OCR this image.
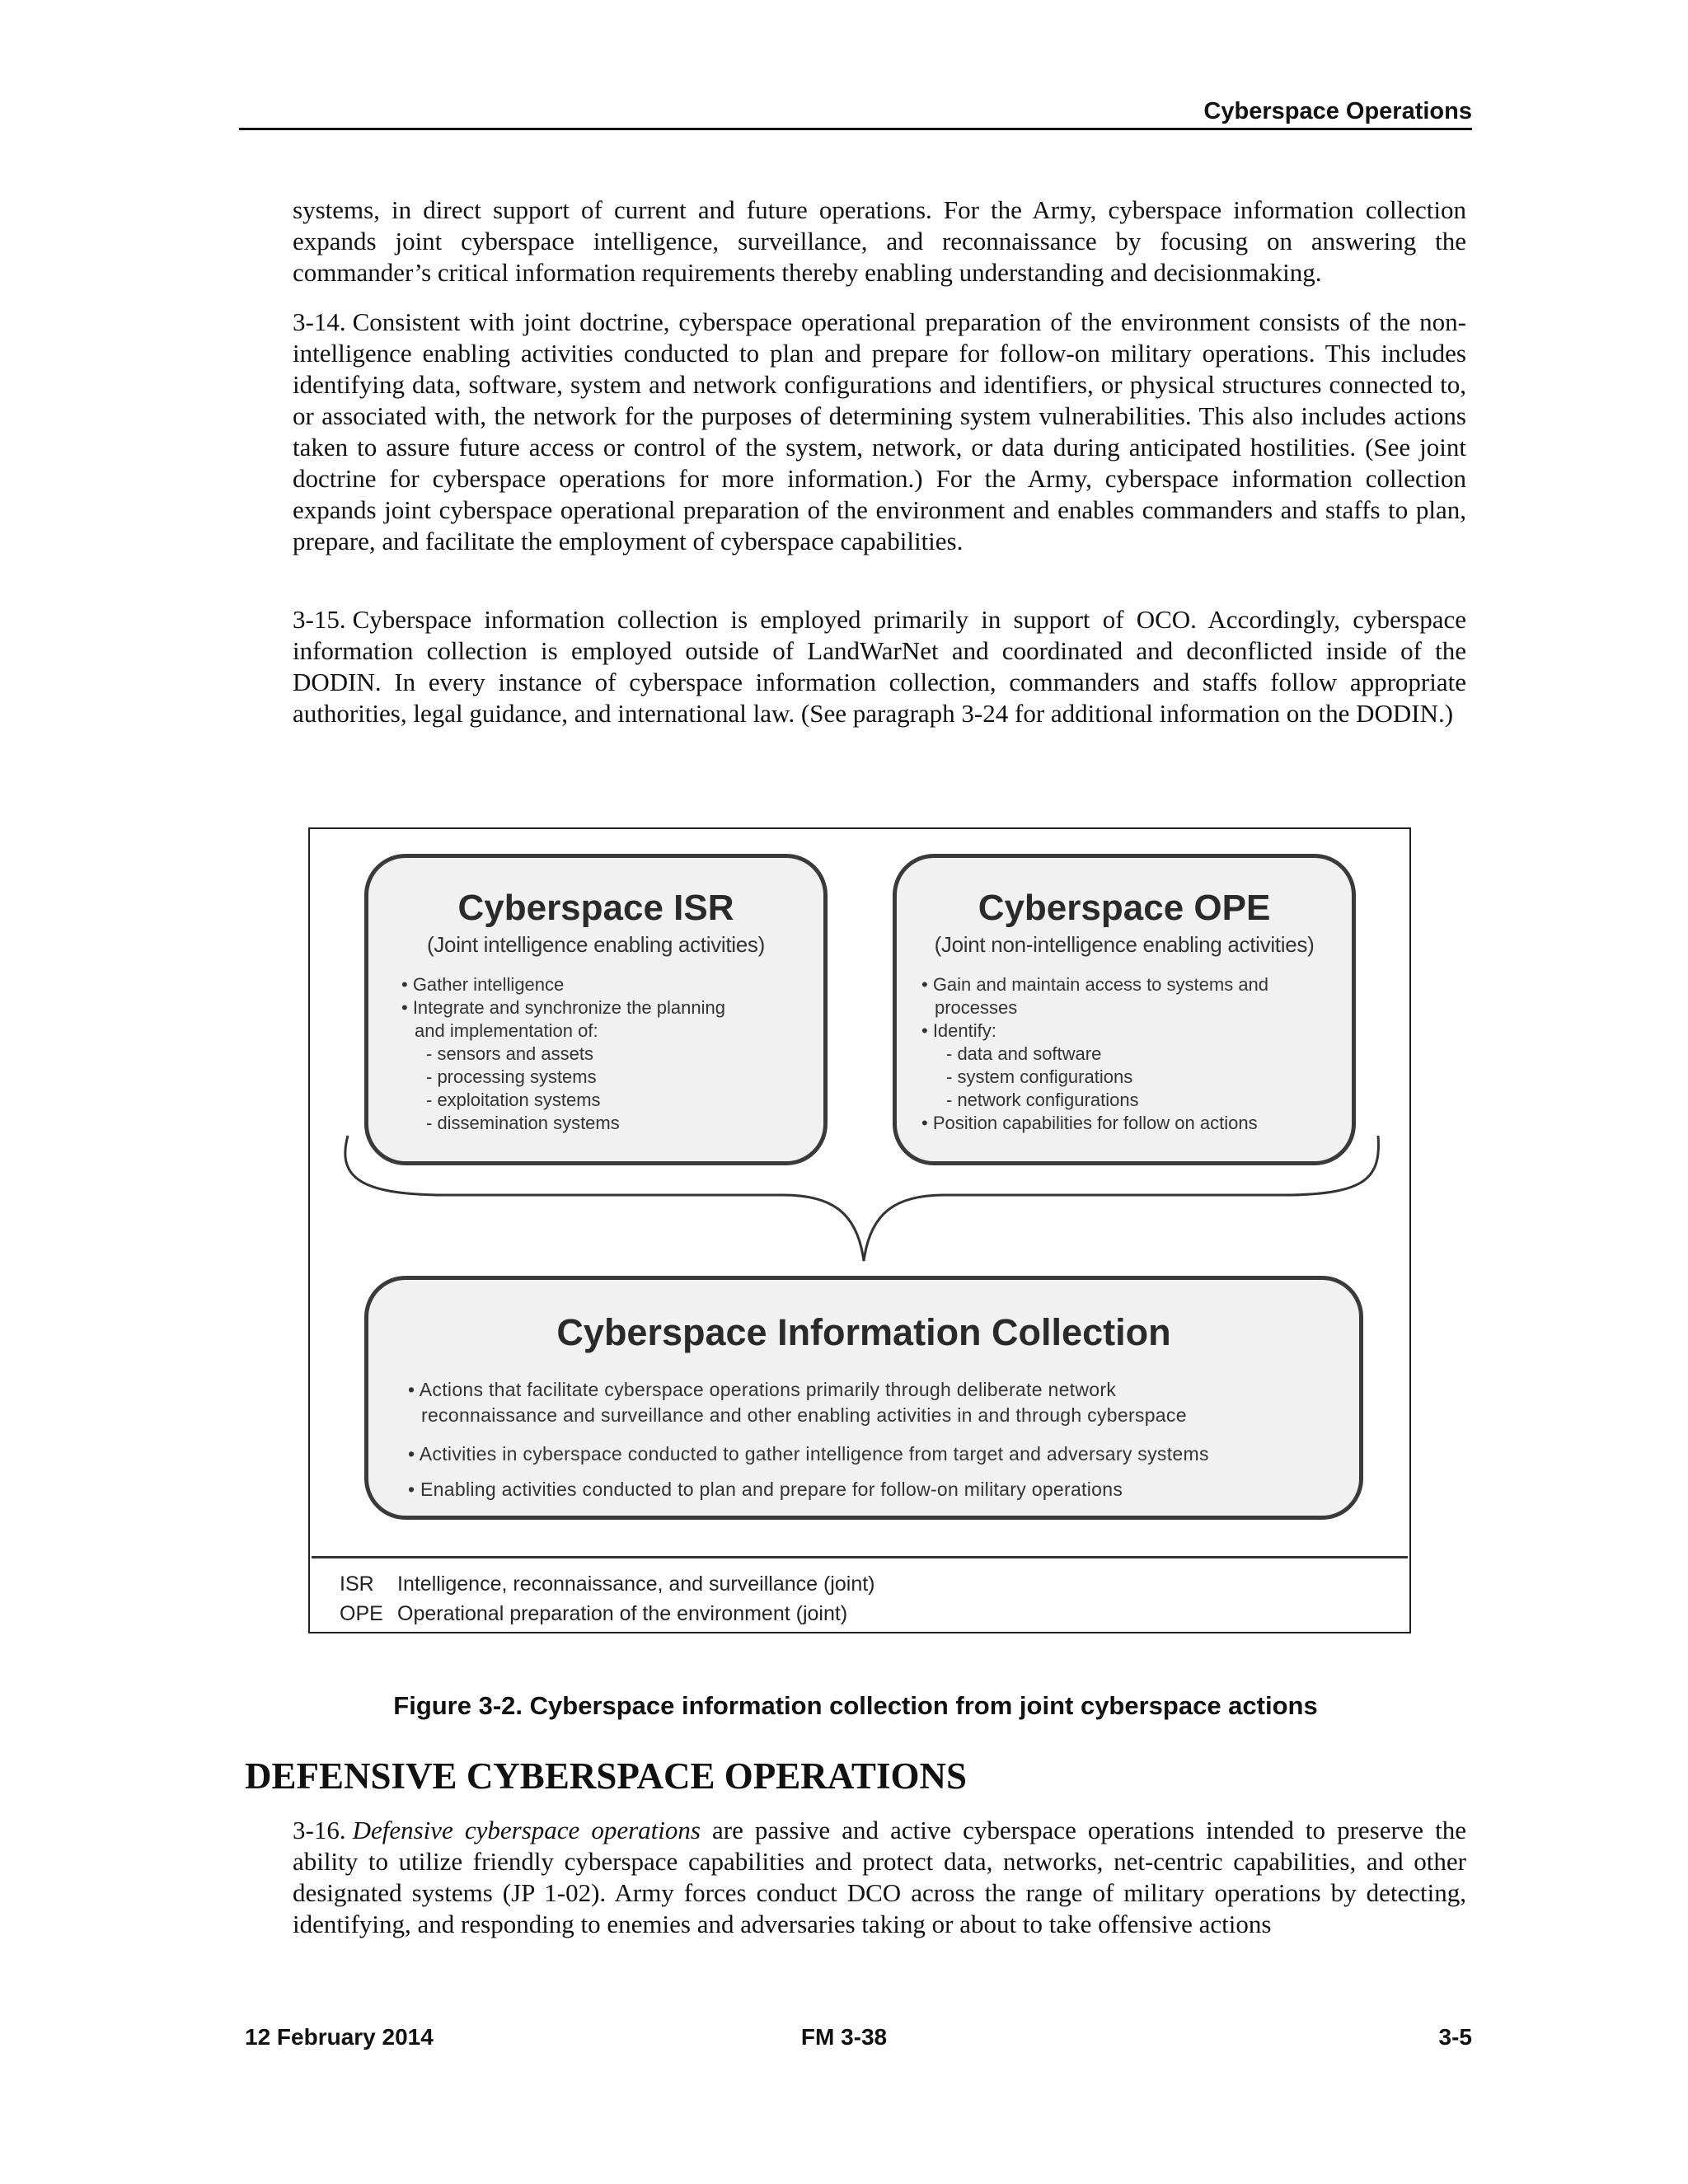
Cyberspace Operations
systems, in direct support of current and future operations. For the Army, cyberspace information collection expands joint cyberspace intelligence, surveillance, and reconnaissance by focusing on answering the commander’s critical information requirements thereby enabling understanding and decisionmaking.
3-14. Consistent with joint doctrine, cyberspace operational preparation of the environment consists of the non-intelligence enabling activities conducted to plan and prepare for follow-on military operations. This includes identifying data, software, system and network configurations and identifiers, or physical structures connected to, or associated with, the network for the purposes of determining system vulnerabilities. This also includes actions taken to assure future access or control of the system, network, or data during anticipated hostilities. (See joint doctrine for cyberspace operations for more information.) For the Army, cyberspace information collection expands joint cyberspace operational preparation of the environment and enables commanders and staffs to plan, prepare, and facilitate the employment of cyberspace capabilities.
3-15. Cyberspace information collection is employed primarily in support of OCO. Accordingly, cyberspace information collection is employed outside of LandWarNet and coordinated and deconflicted inside of the DODIN. In every instance of cyberspace information collection, commanders and staffs follow appropriate authorities, legal guidance, and international law. (See paragraph 3-24 for additional information on the DODIN.)
Cyberspace ISR
(Joint intelligence enabling activities)
• Gather intelligence
• Integrate and synchronize the planning
and implementation of:
- sensors and assets
- processing systems
- exploitation systems
- dissemination systems
Cyberspace OPE
(Joint non-intelligence enabling activities)
• Gain and maintain access to systems and
processes
• Identify:
- data and software
- system configurations
- network configurations
• Position capabilities for follow on actions
Cyberspace Information Collection
• Actions that facilitate cyberspace operations primarily through deliberate network
reconnaissance and surveillance and other enabling activities in and through cyberspace
• Activities in cyberspace conducted to gather intelligence from target and adversary systems
• Enabling activities conducted to plan and prepare for follow-on military operations
ISR Intelligence, reconnaissance, and surveillance (joint)
OPE Operational preparation of the environment (joint)
Figure 3-2. Cyberspace information collection from joint cyberspace actions
DEFENSIVE CYBERSPACE OPERATIONS
3-16. Defensive cyberspace operations are passive and active cyberspace operations intended to preserve the ability to utilize friendly cyberspace capabilities and protect data, networks, net-centric capabilities, and other designated systems (JP 1-02). Army forces conduct DCO across the range of military operations by detecting, identifying, and responding to enemies and adversaries taking or about to take offensive actions
12 February 2014	FM 3-38	3-5
